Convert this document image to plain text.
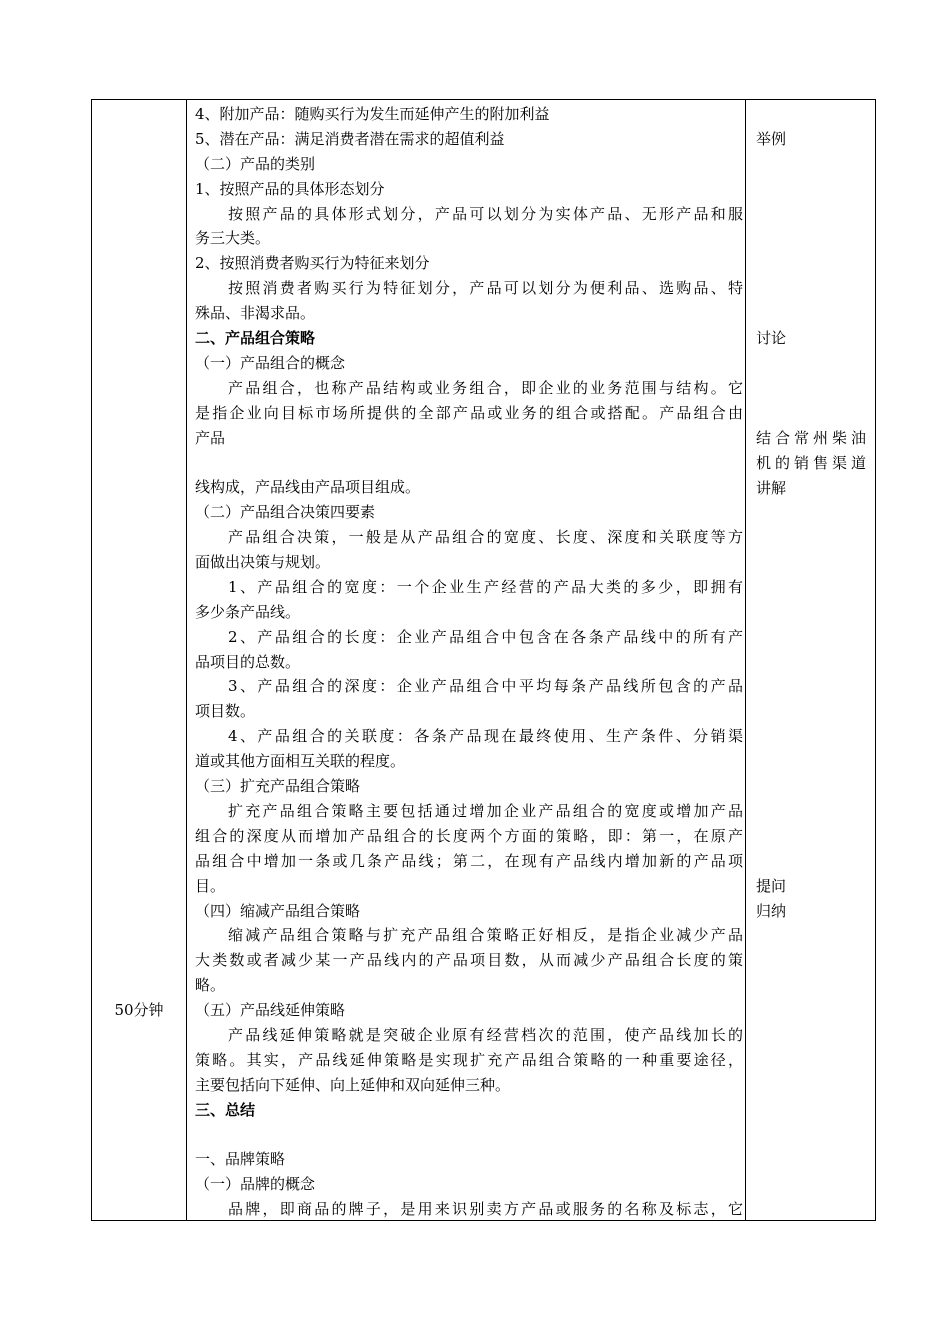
50分钟
4、附加产品：随购买行为发生而延伸产生的附加利益
5、潜在产品：满足消费者潜在需求的超值利益
（二）产品的类别
1、按照产品的具体形态划分
按照产品的具体形式划分，产品可以划分为实体产品、无形产品和服
务三大类。
2、按照消费者购买行为特征来划分
按照消费者购买行为特征划分，产品可以划分为便利品、选购品、特
殊品、非渴求品。
二、产品组合策略
（一）产品组合的概念
产品组合，也称产品结构或业务组合，即企业的业务范围与结构。它
是指企业向目标市场所提供的全部产品或业务的组合或搭配。产品组合由
产品
线构成，产品线由产品项目组成。
（二）产品组合决策四要素
产品组合决策，一般是从产品组合的宽度、长度、深度和关联度等方
面做出决策与规划。
1、产品组合的宽度：一个企业生产经营的产品大类的多少，即拥有
多少条产品线。
2、产品组合的长度：企业产品组合中包含在各条产品线中的所有产
品项目的总数。
3、产品组合的深度：企业产品组合中平均每条产品线所包含的产品
项目数。
4、产品组合的关联度：各条产品现在最终使用、生产条件、分销渠
道或其他方面相互关联的程度。
（三）扩充产品组合策略
扩充产品组合策略主要包括通过增加企业产品组合的宽度或增加产品
组合的深度从而增加产品组合的长度两个方面的策略，即：第一，在原产
品组合中增加一条或几条产品线；第二，在现有产品线内增加新的产品项
目。
（四）缩减产品组合策略
缩减产品组合策略与扩充产品组合策略正好相反，是指企业减少产品
大类数或者减少某一产品线内的产品项目数，从而减少产品组合长度的策
略。
（五）产品线延伸策略
产品线延伸策略就是突破企业原有经营档次的范围，使产品线加长的
策略。其实，产品线延伸策略是实现扩充产品组合策略的一种重要途径，
主要包括向下延伸、向上延伸和双向延伸三种。
三、总结
一、品牌策略
（一）品牌的概念
品牌，即商品的牌子，是用来识别卖方产品或服务的名称及标志，它
举例
讨论
结合常州柴油
机的销售渠道
讲解
提问
归纳
